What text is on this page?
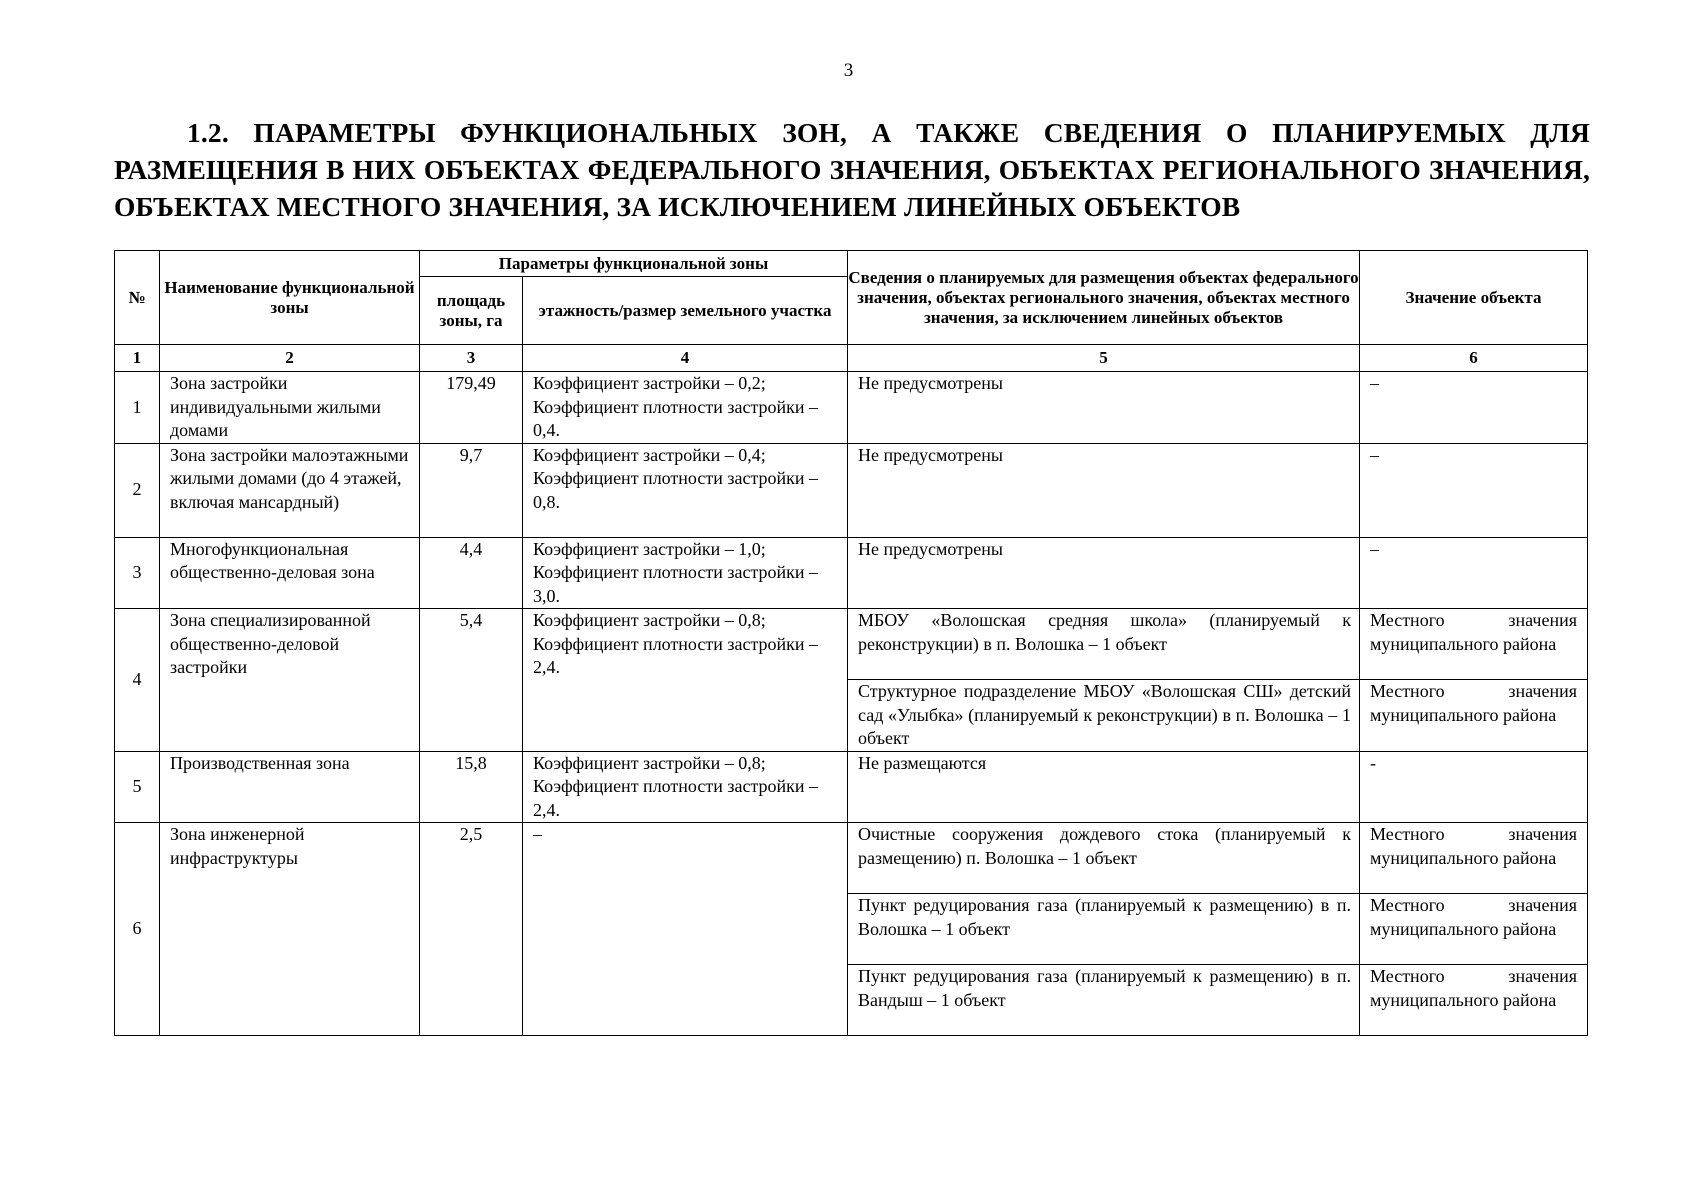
3
1.2. ПАРАМЕТРЫ ФУНКЦИОНАЛЬНЫХ ЗОН, А ТАКЖЕ СВЕДЕНИЯ О ПЛАНИРУЕМЫХ ДЛЯ РАЗМЕЩЕНИЯ В НИХ ОБЪЕКТАХ ФЕДЕРАЛЬНОГО ЗНАЧЕНИЯ, ОБЪЕКТАХ РЕГИОНАЛЬНОГО ЗНАЧЕНИЯ, ОБЪЕКТАХ МЕСТНОГО ЗНАЧЕНИЯ, ЗА ИСКЛЮЧЕНИЕМ ЛИНЕЙНЫХ ОБЪЕКТОВ
№	Наименование функциональной зоны	Параметры функциональной зоны		Сведения о планируемых для размещения объектах федерального значения, объектах регионального значения, объектах местного значения, за исключением линейных объектов	Значение объекта
		площадь зоны, га	этажность/размер земельного участка		
1	2	3	4	5	6
1	Зона застройки индивидуальными жилыми домами	179,49	Коэффициент застройки – 0,2; Коэффициент плотности застройки – 0,4.	Не предусмотрены	–
2	Зона застройки малоэтажными жилыми домами (до 4 этажей, включая мансардный)	9,7	Коэффициент застройки – 0,4; Коэффициент плотности застройки – 0,8.	Не предусмотрены	–
3	Многофункциональная общественно-деловая зона	4,4	Коэффициент застройки – 1,0; Коэффициент плотности застройки – 3,0.	Не предусмотрены	–
4	Зона специализированной общественно-деловой застройки	5,4	Коэффициент застройки – 0,8; Коэффициент плотности застройки – 2,4.	МБОУ «Волошская средняя школа» (планируемый к реконструкции) в п. Волошка – 1 объект	Местного значения муниципального района
				Структурное подразделение МБОУ «Волошская СШ» детский сад «Улыбка» (планируемый к реконструкции) в п. Волошка – 1 объект	Местного значения муниципального района
5	Производственная зона	15,8	Коэффициент застройки – 0,8; Коэффициент плотности застройки – 2,4.	Не размещаются	-
6	Зона инженерной инфраструктуры	2,5	–	Очистные сооружения дождевого стока (планируемый к размещению) п. Волошка – 1 объект	Местного значения муниципального района
				Пункт редуцирования газа (планируемый к размещению) в п. Волошка – 1 объект	Местного значения муниципального района
				Пункт редуцирования газа (планируемый к размещению) в п. Вандыш – 1 объект	Местного значения муниципального района
